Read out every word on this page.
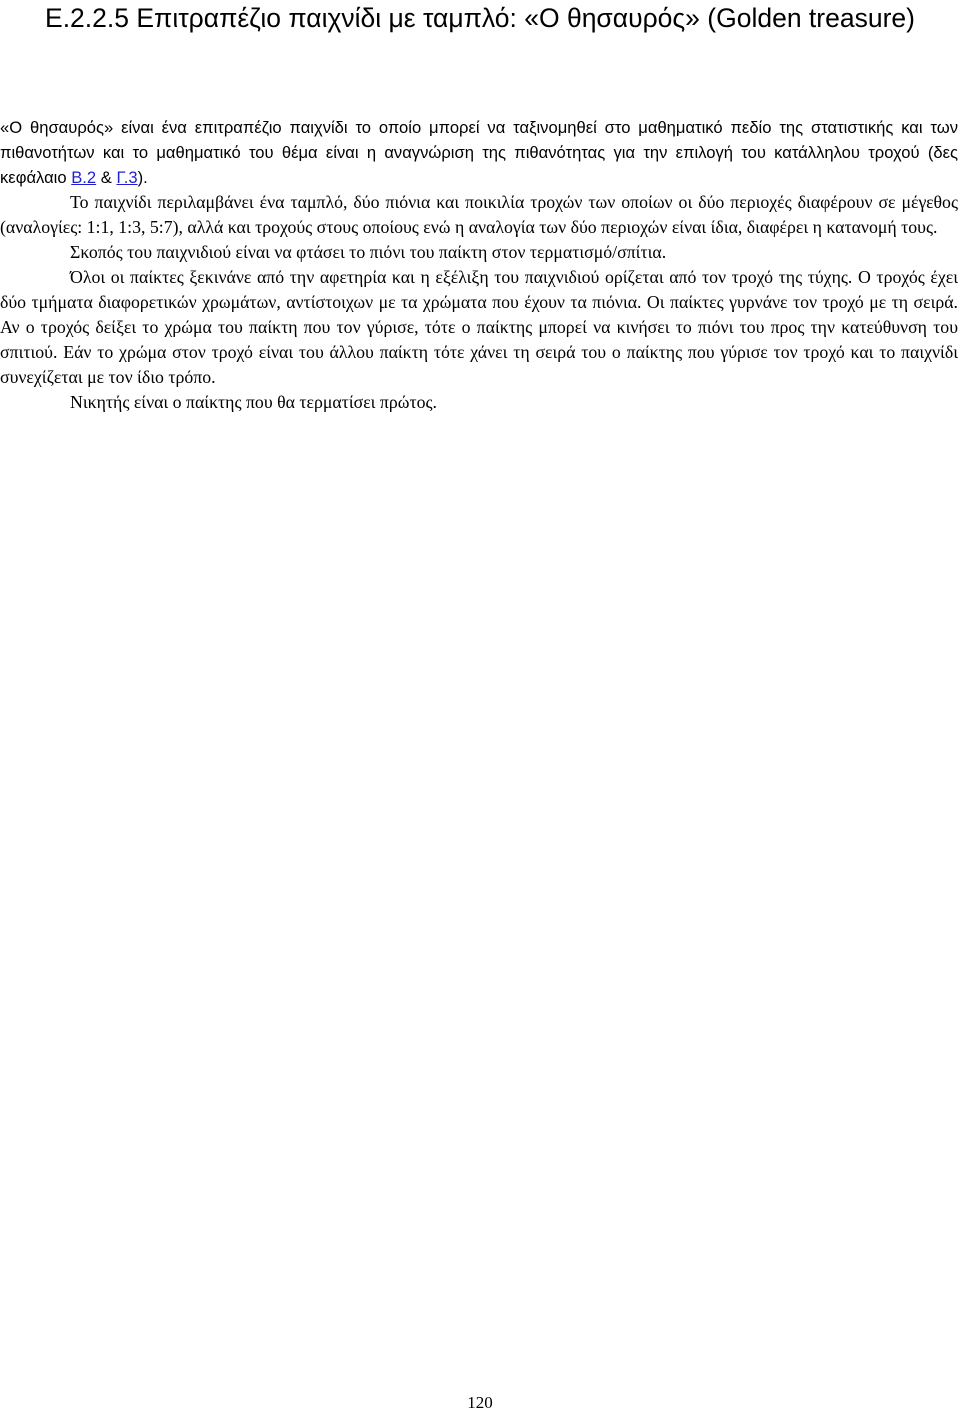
E.2.2.5 Επιτραπέζιο παιχνίδι με ταμπλό: «Ο θησαυρός» (Golden treasure)

«Ο θησαυρός» είναι ένα επιτραπέζιο παιχνίδι το οποίο μπορεί να ταξινομηθεί στο μαθηματικό πεδίο της στατιστικής και των πιθανοτήτων και το μαθηματικό του θέμα είναι η αναγνώριση της πιθανότητας για την επιλογή του κατάλληλου τροχού (δες κεφάλαιο B.2 & Γ.3).

Το παιχνίδι περιλαμβάνει ένα ταμπλό, δύο πιόνια και ποικιλία τροχών των οποίων οι δύο περιοχές διαφέρουν σε μέγεθος (αναλογίες: 1:1, 1:3, 5:7), αλλά και τροχούς στους οποίους ενώ η αναλογία των δύο περιοχών είναι ίδια, διαφέρει η κατανομή τους.

Σκοπός του παιχνιδιού είναι να φτάσει το πιόνι του παίκτη στον τερματισμό/σπίτια.

Όλοι οι παίκτες ξεκινάνε από την αφετηρία και η εξέλιξη του παιχνιδιού ορίζεται από τον τροχό της τύχης. Ο τροχός έχει δύο τμήματα διαφορετικών χρωμάτων, αντίστοιχων με τα χρώματα που έχουν τα πιόνια. Οι παίκτες γυρνάνε τον τροχό με τη σειρά. Αν ο τροχός δείξει το χρώμα του παίκτη που τον γύρισε, τότε ο παίκτης μπορεί να κινήσει το πιόνι του προς την κατεύθυνση του σπιτιού. Εάν το χρώμα στον τροχό είναι του άλλου παίκτη τότε χάνει τη σειρά του ο παίκτης που γύρισε τον τροχό και το παιχνίδι συνεχίζεται με τον ίδιο τρόπο.

Νικητής είναι ο παίκτης που θα τερματίσει πρώτος.

120
